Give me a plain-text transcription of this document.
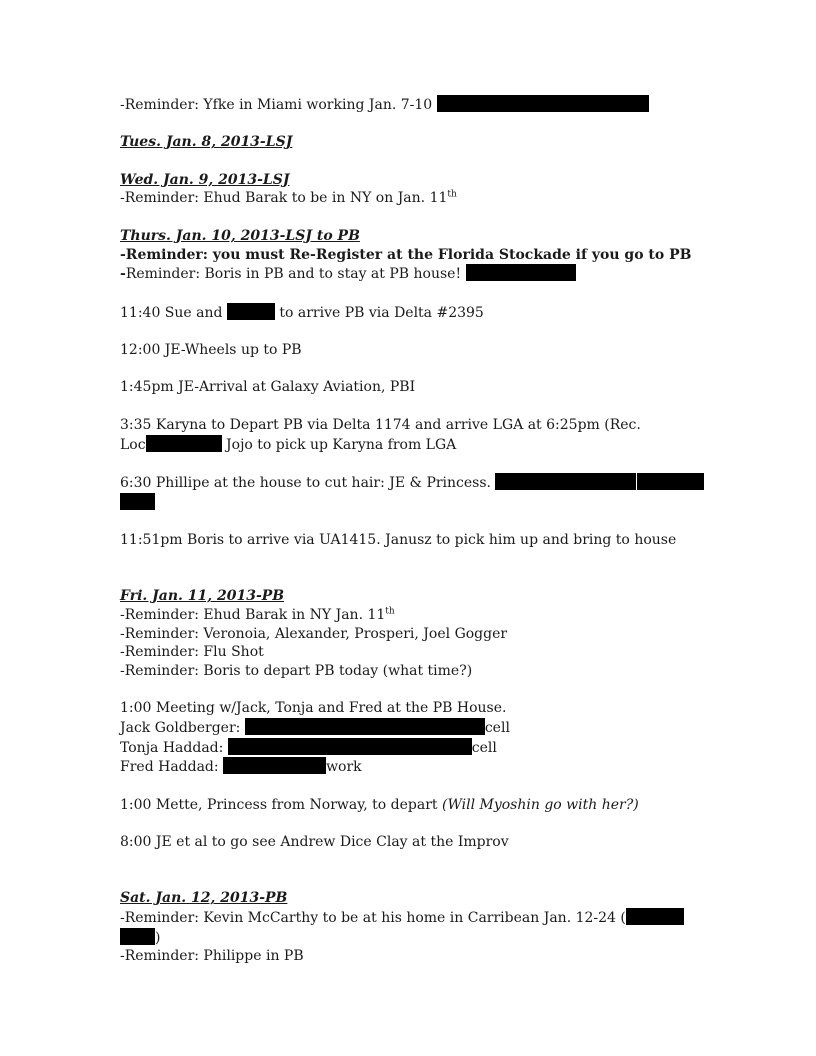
-Reminder: Yfke in Miami working Jan. 7-10
Tues. Jan. 8, 2013-LSJ
Wed. Jan. 9, 2013-LSJ
-Reminder: Ehud Barak to be in NY on Jan. 11th
Thurs. Jan. 10, 2013-LSJ to PB
-Reminder: you must Re-Register at the Florida Stockade if you go to PB
-Reminder: Boris in PB and to stay at PB house!
11:40 Sue and	to arrive PB via Delta #2395
12:00 JE-Wheels up to PB
1:45pm JE-Arrival at Galaxy Aviation, PBI
3:35 Karyna to Depart PB via Delta 1174 and arrive LGA at 6:25pm (Rec.
Loc	Jojo to pick up Karyna from LGA
6:30 Phillipe at the house to cut hair: JE & Princess.
11:51pm Boris to arrive via UA1415. Janusz to pick him up and bring to house
Fri. Jan. 11, 2013-PB
-Reminder: Ehud Barak in NY Jan. 11th
-Reminder: Veronoia, Alexander, Prosperi, Joel Gogger
-Reminder: Flu Shot
-Reminder: Boris to depart PB today (what time?)
1:00 Meeting w/Jack, Tonja and Fred at the PB House.
Jack Goldberger:	cell
Tonja Haddad:	cell
Fred Haddad:	work
1:00 Mette, Princess from Norway, to depart (Will Myoshin go with her?)
8:00 JE et al to go see Andrew Dice Clay at the Improv
Sat. Jan. 12, 2013-PB
-Reminder: Kevin McCarthy to be at his home in Carribean Jan. 12-24 (
)
-Reminder: Philippe in PB
